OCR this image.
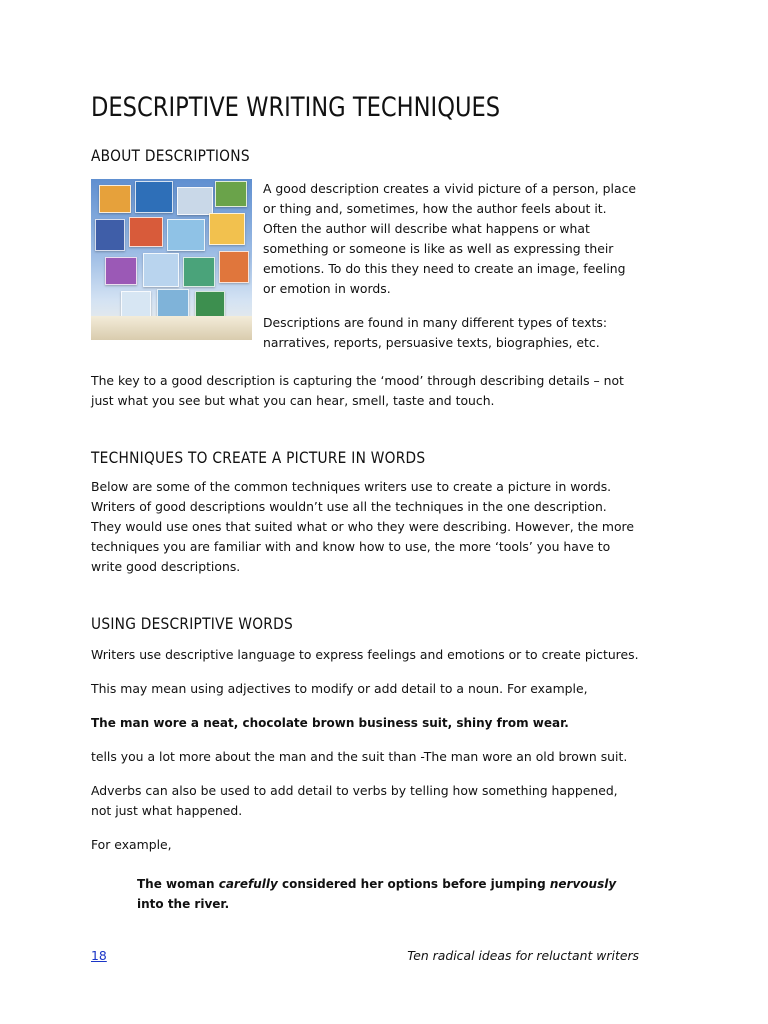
DESCRIPTIVE WRITING TECHNIQUES
ABOUT DESCRIPTIONS

A good description creates a vivid picture of a person, place or thing and, sometimes, how the author feels about it. Often the author will describe what happens or what something or someone is like as well as expressing their emotions. To do this they need to create an image, feeling or emotion in words.

Descriptions are found in many different types of texts: narratives, reports, persuasive texts, biographies, etc.

The key to a good description is capturing the ‘mood’ through describing details – not just what you see but what you can hear, smell, taste and touch.

TECHNIQUES TO CREATE A PICTURE IN WORDS

Below are some of the common techniques writers use to create a picture in words. Writers of good descriptions wouldn’t use all the techniques in the one description. They would use ones that suited what or who they were describing. However, the more techniques you are familiar with and know how to use, the more ‘tools’ you have to write good descriptions.

USING DESCRIPTIVE WORDS

Writers use descriptive language to express feelings and emotions or to create pictures.

This may mean using adjectives to modify or add detail to a noun. For example,

The man wore a neat, chocolate brown business suit, shiny from wear.

tells you a lot more about the man and the suit than -The man wore an old brown suit.

Adverbs can also be used to add detail to verbs by telling how something happened, not just what happened.

For example,

The woman carefully considered her options before jumping nervously into the river.

18	Ten radical ideas for reluctant writers
